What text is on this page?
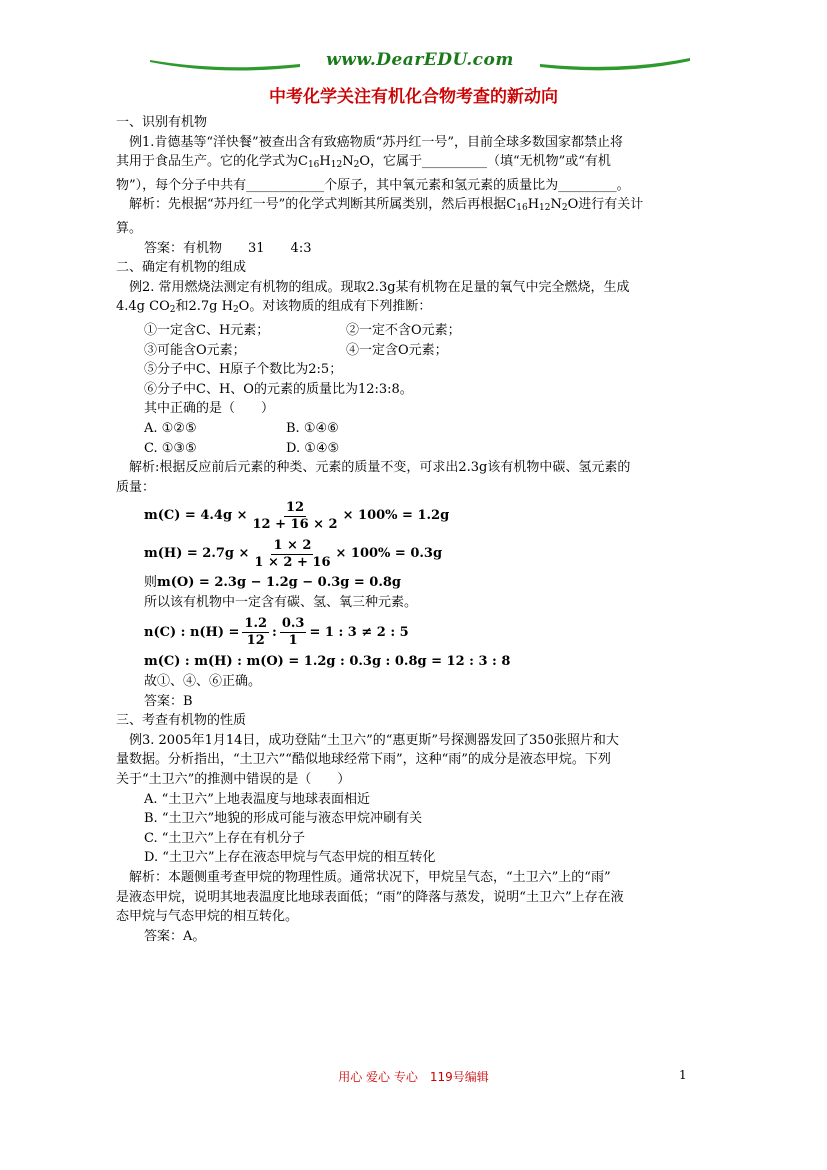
www.DearEDU.com
中考化学关注有机化合物考查的新动向

一、识别有机物

例1.肯德基等“洋快餐”被查出含有致癌物质“苏丹红一号”，目前全球多数国家都禁止将

其用于食品生产。它的化学式为$C_{16}H_{12}N_2O$，它属于__________（填“无机物”或“有机

物”），每个分子中共有____________个原子，其中氧元素和氢元素的质量比为_________。

解析：先根据“苏丹红一号”的化学式判断其所属类别，然后再根据$C_{16}H_{12}N_2O$进行有关计

算。

答案：有机物　　31　　4:3

二、确定有机物的组成

例2. 常用燃烧法测定有机物的组成。现取2.3g某有机物在足量的氧气中完全燃烧，生成

4.4g $CO_2$和2.7g $H_2O$。对该物质的组成有下列推断：

①一定含C、H元素；	②一定不含O元素；
③可能含O元素；	④一定含O元素；

⑤分子中C、H原子个数比为2:5；

⑥分子中C、H、O的元素的质量比为12:3:8。

其中正确的是（　　）

A. ①②⑤	B. ①④⑥
C. ①③⑤	D. ①④⑤

解析:根据反应前后元素的种类、元素的质量不变，可求出2.3g该有机物中碳、氢元素的

质量：

$m(C) = 4.4g \times \frac{12}{12 + 16 \times 2} \times 100\% = 1.2g$
$m(H) = 2.7g \times \frac{1 \times 2}{1 \times 2 + 16} \times 100\% = 0.3g$

则m(O) = 2.3g − 1.2g − 0.3g = 0.8g

所以该有机物中一定含有碳、氢、氧三种元素。

n(C) : $n(H) = \frac{1.2}{12}$ : $\frac{0.3}{1} = 1$ : 3 ≠ 2 : 5

m(C) : m(H) : m(O) = 1.2g : 0.3g : 0.8g = 12 : 3 : 8

故①、④、⑥正确。

答案：B

三、考查有机物的性质

例3. 2005年1月14日，成功登陆“土卫六”的“惠更斯”号探测器发回了350张照片和大

量数据。分析指出，“土卫六”“酷似地球经常下雨”，这种“雨”的成分是液态甲烷。下列

关于“土卫六”的推测中错误的是（　　）

A. “土卫六”上地表温度与地球表面相近

B. “土卫六”地貌的形成可能与液态甲烷冲刷有关

C. “土卫六”上存在有机分子

D. “土卫六”上存在液态甲烷与气态甲烷的相互转化

解析：本题侧重考查甲烷的物理性质。通常状况下，甲烷呈气态，“土卫六”上的“雨”

是液态甲烷，说明其地表温度比地球表面低；“雨”的降落与蒸发，说明“土卫六”上存在液

态甲烷与气态甲烷的相互转化。

答案：A。

用心 爱心 专心　119号编辑	1
